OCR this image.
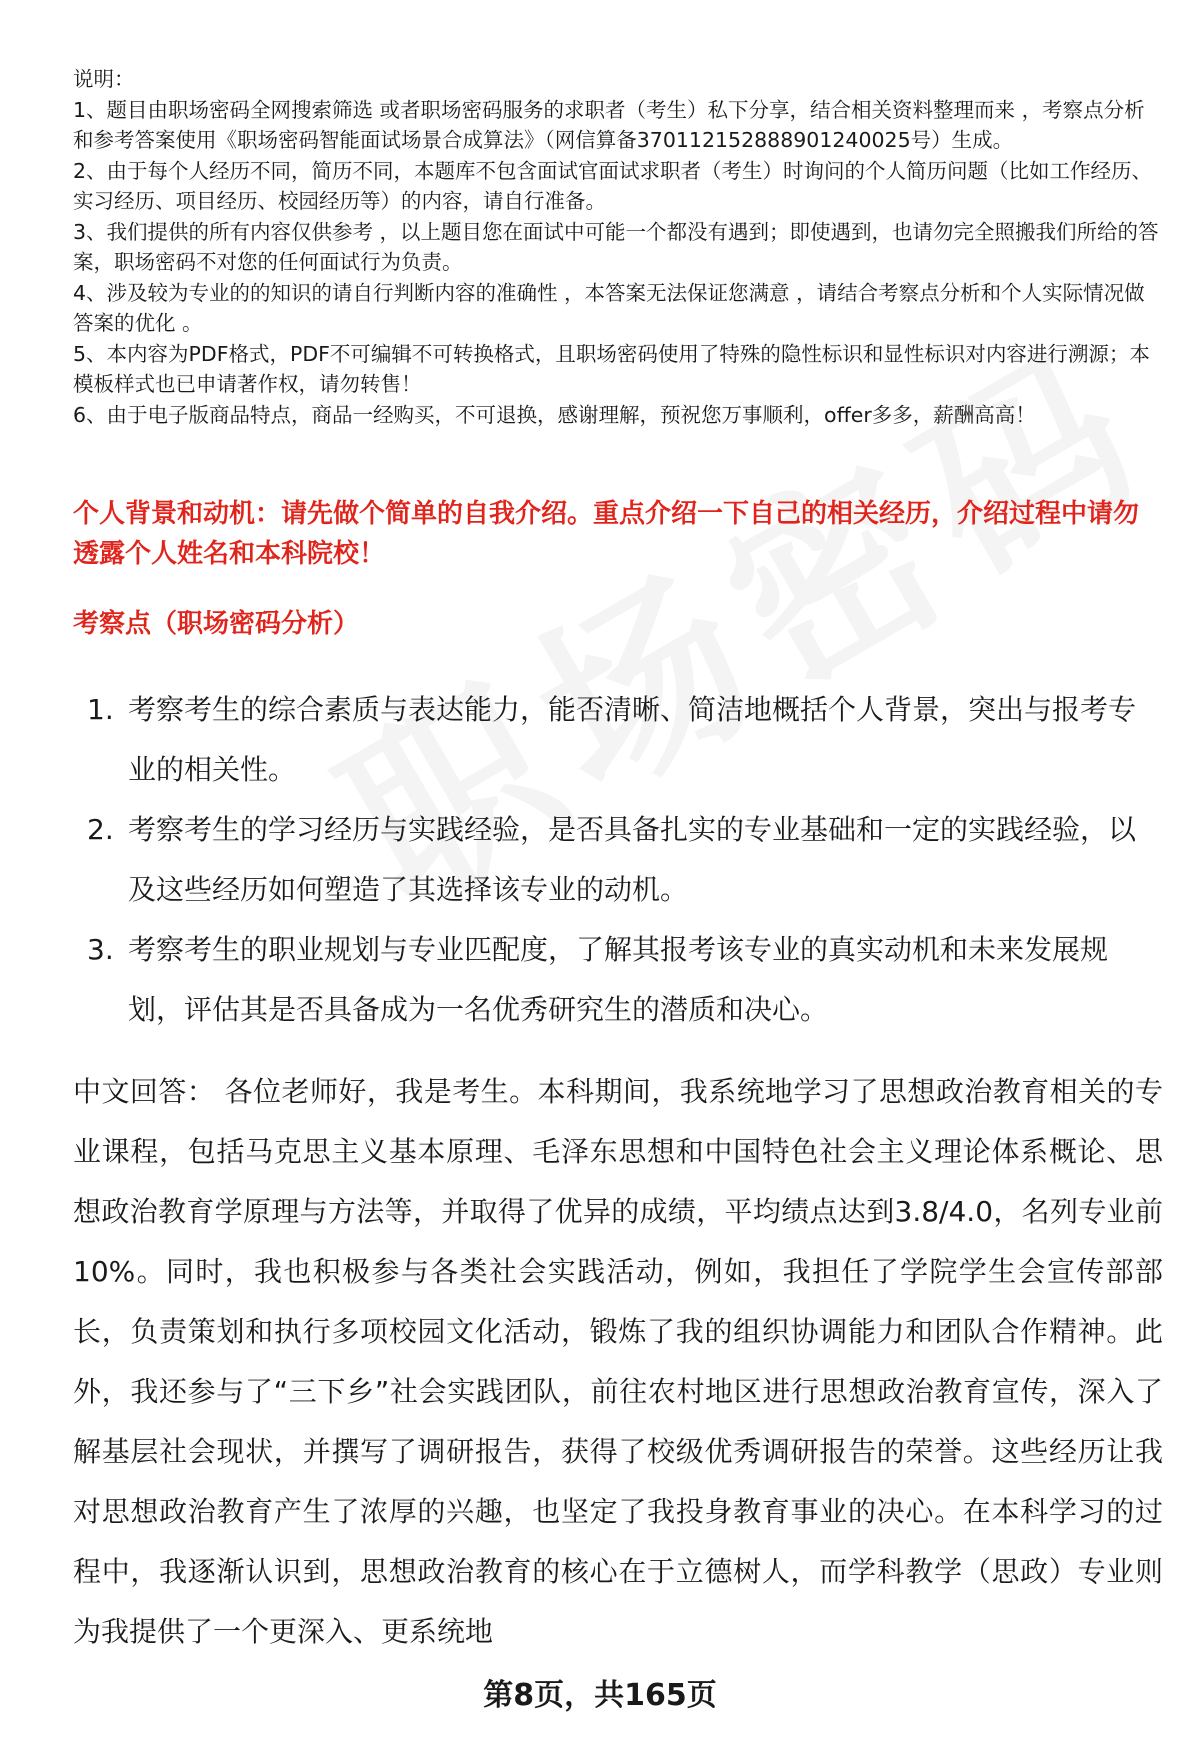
说明：

1、题目由职场密码全网搜索筛选 或者职场密码服务的求职者（考生）私下分享，结合相关资料整理而来 ，考察点分析和参考答案使用《职场密码智能面试场景合成算法》（网信算备370112152888901240025号）生成。

2、由于每个人经历不同，简历不同，本题库不包含面试官面试求职者（考生）时询问的个人简历问题（比如工作经历、实习经历、项目经历、校园经历等）的内容，请自行准备。

3、我们提供的所有内容仅供参考 ，以上题目您在面试中可能一个都没有遇到；即使遇到，也请勿完全照搬我们所给的答案，职场密码不对您的任何面试行为负责。

4、涉及较为专业的的知识的请自行判断内容的准确性 ，本答案无法保证您满意 ，请结合考察点分析和个人实际情况做答案的优化 。

5、本内容为PDF格式，PDF不可编辑不可转换格式，且职场密码使用了特殊的隐性标识和显性标识对内容进行溯源；本模板样式也已申请著作权，请勿转售！

6、由于电子版商品特点，商品一经购买，不可退换，感谢理解，预祝您万事顺利，offer多多，薪酬高高！

个人背景和动机：请先做个简单的自我介绍。重点介绍一下自己的相关经历，介绍过程中请勿透露个人姓名和本科院校！

考察点（职场密码分析）

1. 考察考生的综合素质与表达能力，能否清晰、简洁地概括个人背景，突出与报考专业的相关性。
2. 考察考生的学习经历与实践经验，是否具备扎实的专业基础和一定的实践经验，以及这些经历如何塑造了其选择该专业的动机。
3. 考察考生的职业规划与专业匹配度，了解其报考该专业的真实动机和未来发展规划，评估其是否具备成为一名优秀研究生的潜质和决心。

中文回答： 各位老师好，我是考生。本科期间，我系统地学习了思想政治教育相关的专业课程，包括马克思主义基本原理、毛泽东思想和中国特色社会主义理论体系概论、思想政治教育学原理与方法等，并取得了优异的成绩，平均绩点达到3.8/4.0，名列专业前10%。同时，我也积极参与各类社会实践活动，例如，我担任了学院学生会宣传部部长，负责策划和执行多项校园文化活动，锻炼了我的组织协调能力和团队合作精神。此外，我还参与了“三下乡”社会实践团队，前往农村地区进行思想政治教育宣传，深入了解基层社会现状，并撰写了调研报告，获得了校级优秀调研报告的荣誉。这些经历让我对思想政治教育产生了浓厚的兴趣，也坚定了我投身教育事业的决心。在本科学习的过程中，我逐渐认识到，思想政治教育的核心在于立德树人，而学科教学（思政）专业则为我提供了一个更深入、更系统地

第8页，共165页
